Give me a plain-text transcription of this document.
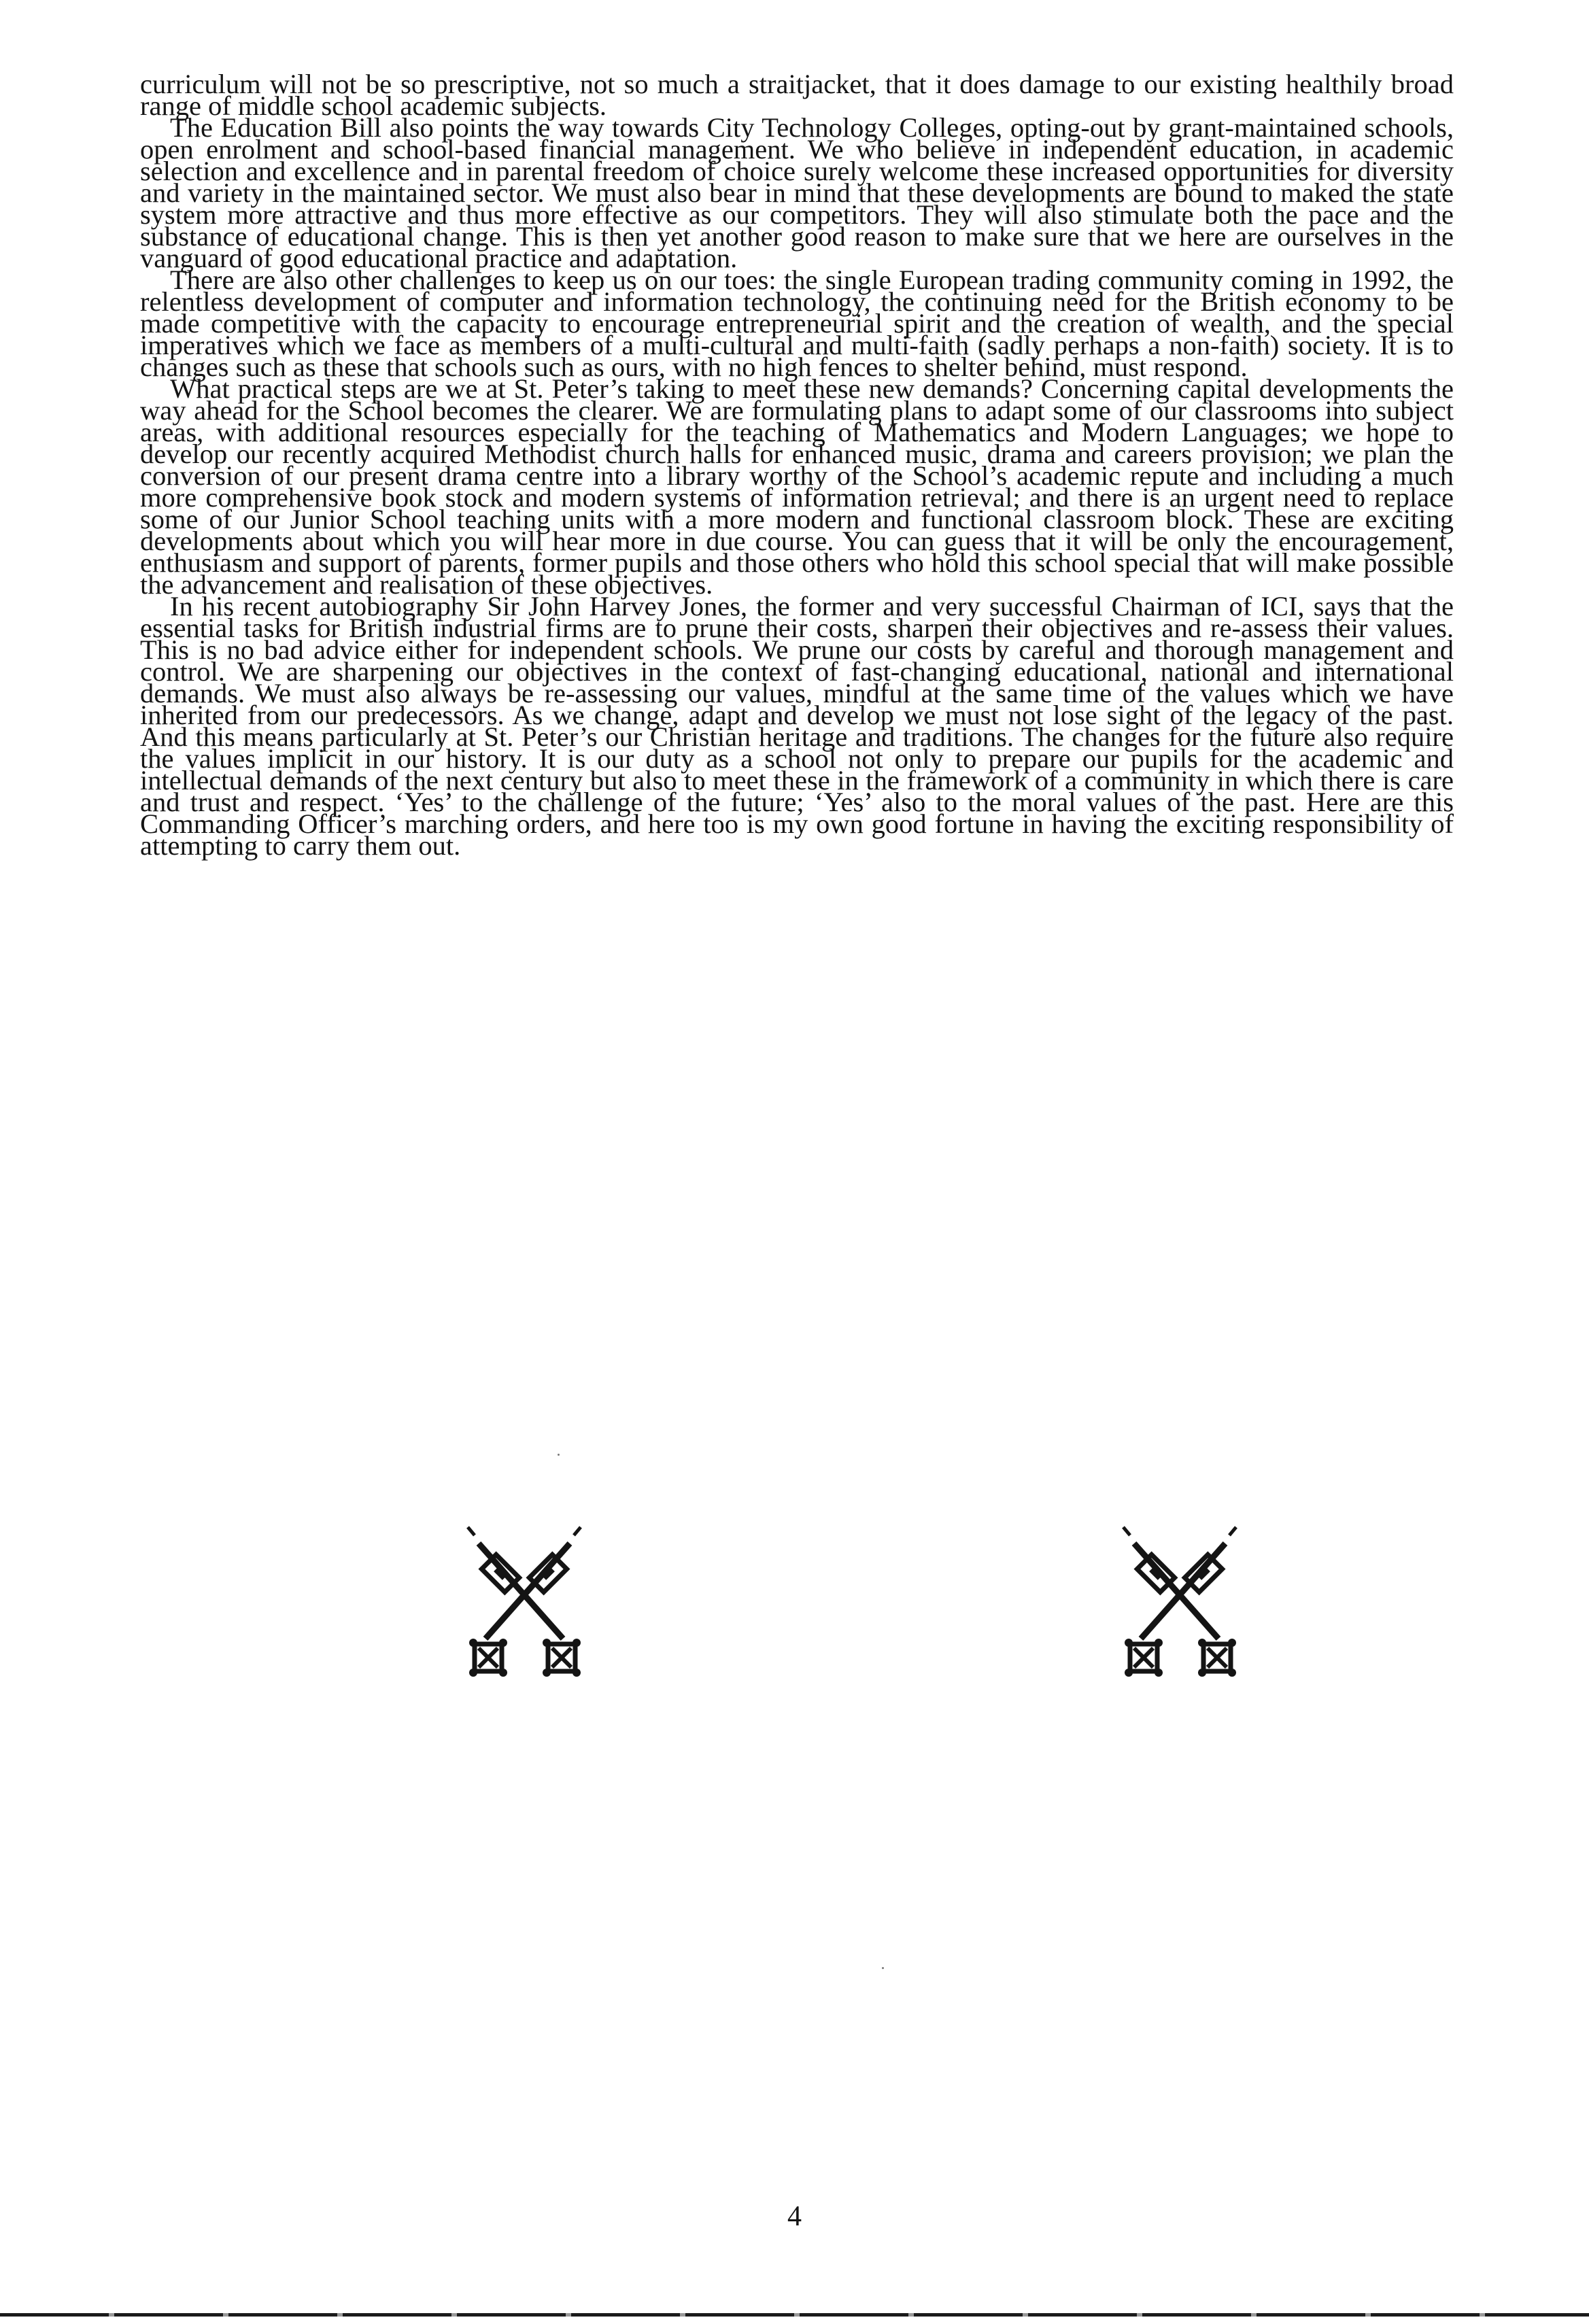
curriculum will not be so prescriptive, not so much a straitjacket, that it does damage to our existing healthily broad range of middle school academic subjects.

The Education Bill also points the way towards City Technology Colleges, opting-out by grant-maintained schools, open enrolment and school-based financial management. We who believe in independent education, in academic selection and excellence and in parental freedom of choice surely welcome these increased opportunities for diversity and variety in the maintained sector. We must also bear in mind that these developments are bound to maked the state system more attractive and thus more effective as our competitors. They will also stimulate both the pace and the substance of educational change. This is then yet another good reason to make sure that we here are ourselves in the vanguard of good educational practice and adaptation.

There are also other challenges to keep us on our toes: the single European trading community coming in 1992, the relentless development of computer and information technology, the continuing need for the British economy to be made competitive with the capacity to encourage entrepreneurial spirit and the creation of wealth, and the special imperatives which we face as members of a multi-cultural and multi-faith (sadly perhaps a non-faith) society. It is to changes such as these that schools such as ours, with no high fences to shelter behind, must respond.

What practical steps are we at St. Peter’s taking to meet these new demands? Concerning capital developments the way ahead for the School becomes the clearer. We are formulating plans to adapt some of our classrooms into subject areas, with additional resources especially for the teaching of Mathematics and Modern Languages; we hope to develop our recently acquired Methodist church halls for enhanced music, drama and careers provision; we plan the conversion of our present drama centre into a library worthy of the School’s academic repute and including a much more comprehensive book stock and modern systems of information retrieval; and there is an urgent need to replace some of our Junior School teaching units with a more modern and functional classroom block. These are exciting developments about which you will hear more in due course. You can guess that it will be only the encouragement, enthusiasm and support of parents, former pupils and those others who hold this school special that will make possible the advancement and realisation of these objectives.

In his recent autobiography Sir John Harvey Jones, the former and very successful Chairman of ICI, says that the essential tasks for British industrial firms are to prune their costs, sharpen their objectives and re-assess their values. This is no bad advice either for independent schools. We prune our costs by careful and thorough management and control. We are sharpening our objectives in the context of fast-changing educational, national and international demands. We must also always be re-assessing our values, mindful at the same time of the values which we have inherited from our predecessors. As we change, adapt and develop we must not lose sight of the legacy of the past. And this means particularly at St. Peter’s our Christian heritage and traditions. The changes for the future also require the values implicit in our history. It is our duty as a school not only to prepare our pupils for the academic and intellectual demands of the next century but also to meet these in the framework of a community in which there is care and trust and respect. ‘Yes’ to the challenge of the future; ‘Yes’ also to the moral values of the past. Here are this Commanding Officer’s marching orders, and here too is my own good fortune in having the exciting responsibility of attempting to carry them out.

4
